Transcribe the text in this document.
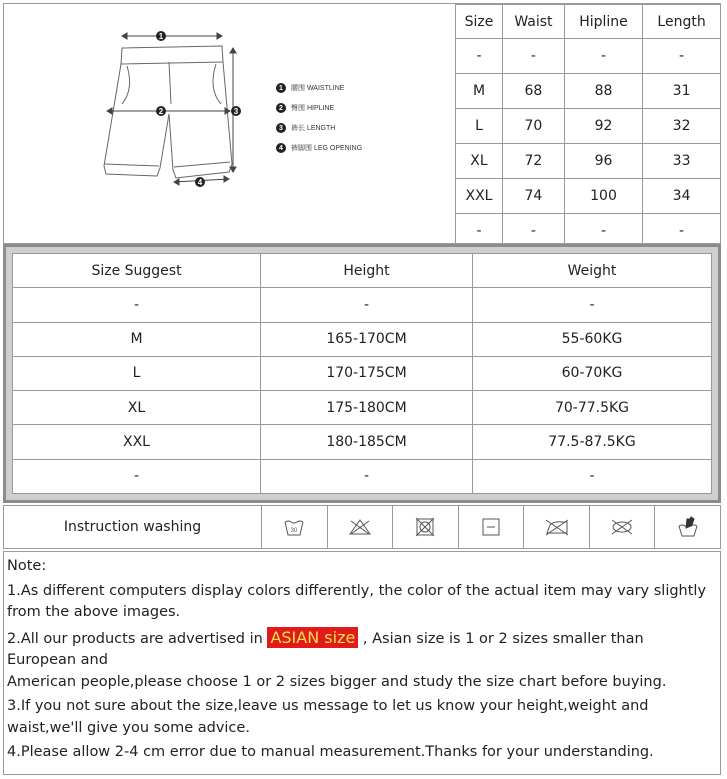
1
2	3
4
1	腰围 WAISTLINE
2	臀围 HIPLINE
3	裤长 LENGTH
4	裤脚围 LEG OPENING
Size	Waist	Hipline	Length
-	-	-	-
M	68	88	31
L	70	92	32
XL	72	96	33
XXL	74	100	34
-	-	-	-
Size Suggest	Height	Weight
-	-	-
M	165-170CM	55-60KG
L	170-175CM	60-70KG
XL	175-180CM	70-77.5KG
XXL	180-185CM	77.5-87.5KG
-	-	-
Instruction washing	30

Note:

1.As different computers display colors differently, the color of the actual item may vary slightly from the above images.

2.All our products are advertised in ASIAN size , Asian size is 1 or 2 sizes smaller than European and

American people,please choose 1 or 2 sizes bigger and study the size chart before buying.

3.If you not sure about the size,leave us message to let us know your height,weight and waist,we'll give you some advice.

4.Please allow 2-4 cm error due to manual measurement.Thanks for your understanding.
